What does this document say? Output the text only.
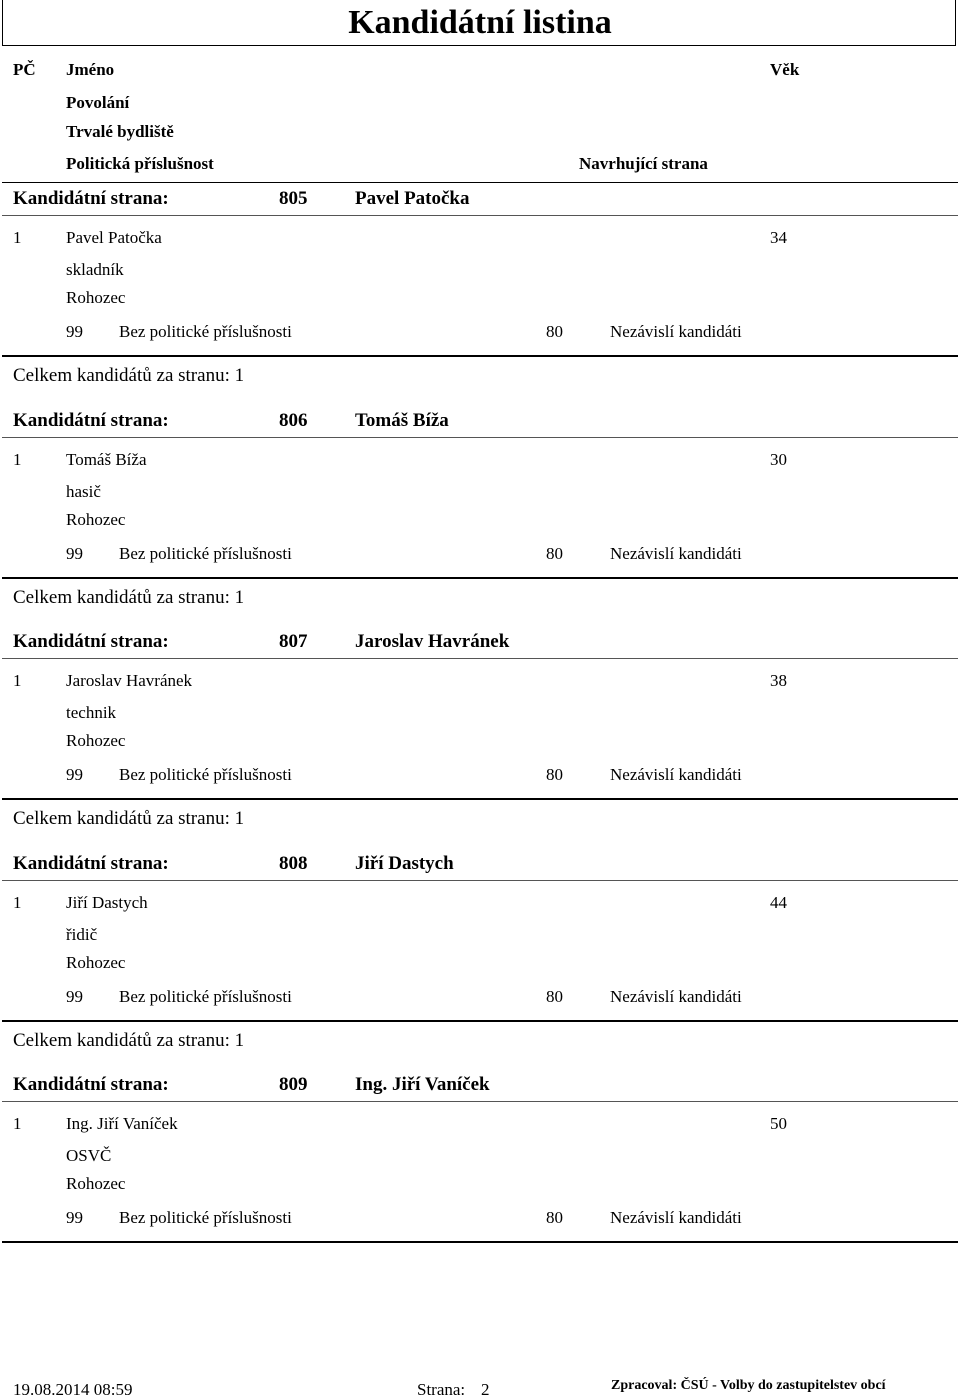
Kandidátní listina
PČ Jméno	Věk
Povolání
Trvalé bydliště
Politická příslušnost	Navrhující strana
Kandidátní strana:	805	Pavel Patočka
1	Pavel Patočka	34
skladník
Rohozec
99 Bez politické příslušnosti	80	Nezávislí kandidáti
Celkem kandidátů za stranu: 1
Kandidátní strana:	806	Tomáš Bíža
1	Tomáš Bíža	30
hasič
Rohozec
99 Bez politické příslušnosti	80	Nezávislí kandidáti
Celkem kandidátů za stranu: 1
Kandidátní strana:	807	Jaroslav Havránek
1	Jaroslav Havránek	38
technik
Rohozec
99 Bez politické příslušnosti	80	Nezávislí kandidáti
Celkem kandidátů za stranu: 1
Kandidátní strana:	808	Jiří Dastych
1	Jiří Dastych	44
řidič
Rohozec
99 Bez politické příslušnosti	80	Nezávislí kandidáti
Celkem kandidátů za stranu: 1
Kandidátní strana:	809	Ing. Jiří Vaníček
1	Ing. Jiří Vaníček	50
OSVČ
Rohozec
99 Bez politické příslušnosti	80	Nezávislí kandidáti
19.08.2014 08:59	Strana: 2	Zpracoval: ČSÚ - Volby do zastupitelstev obcí
